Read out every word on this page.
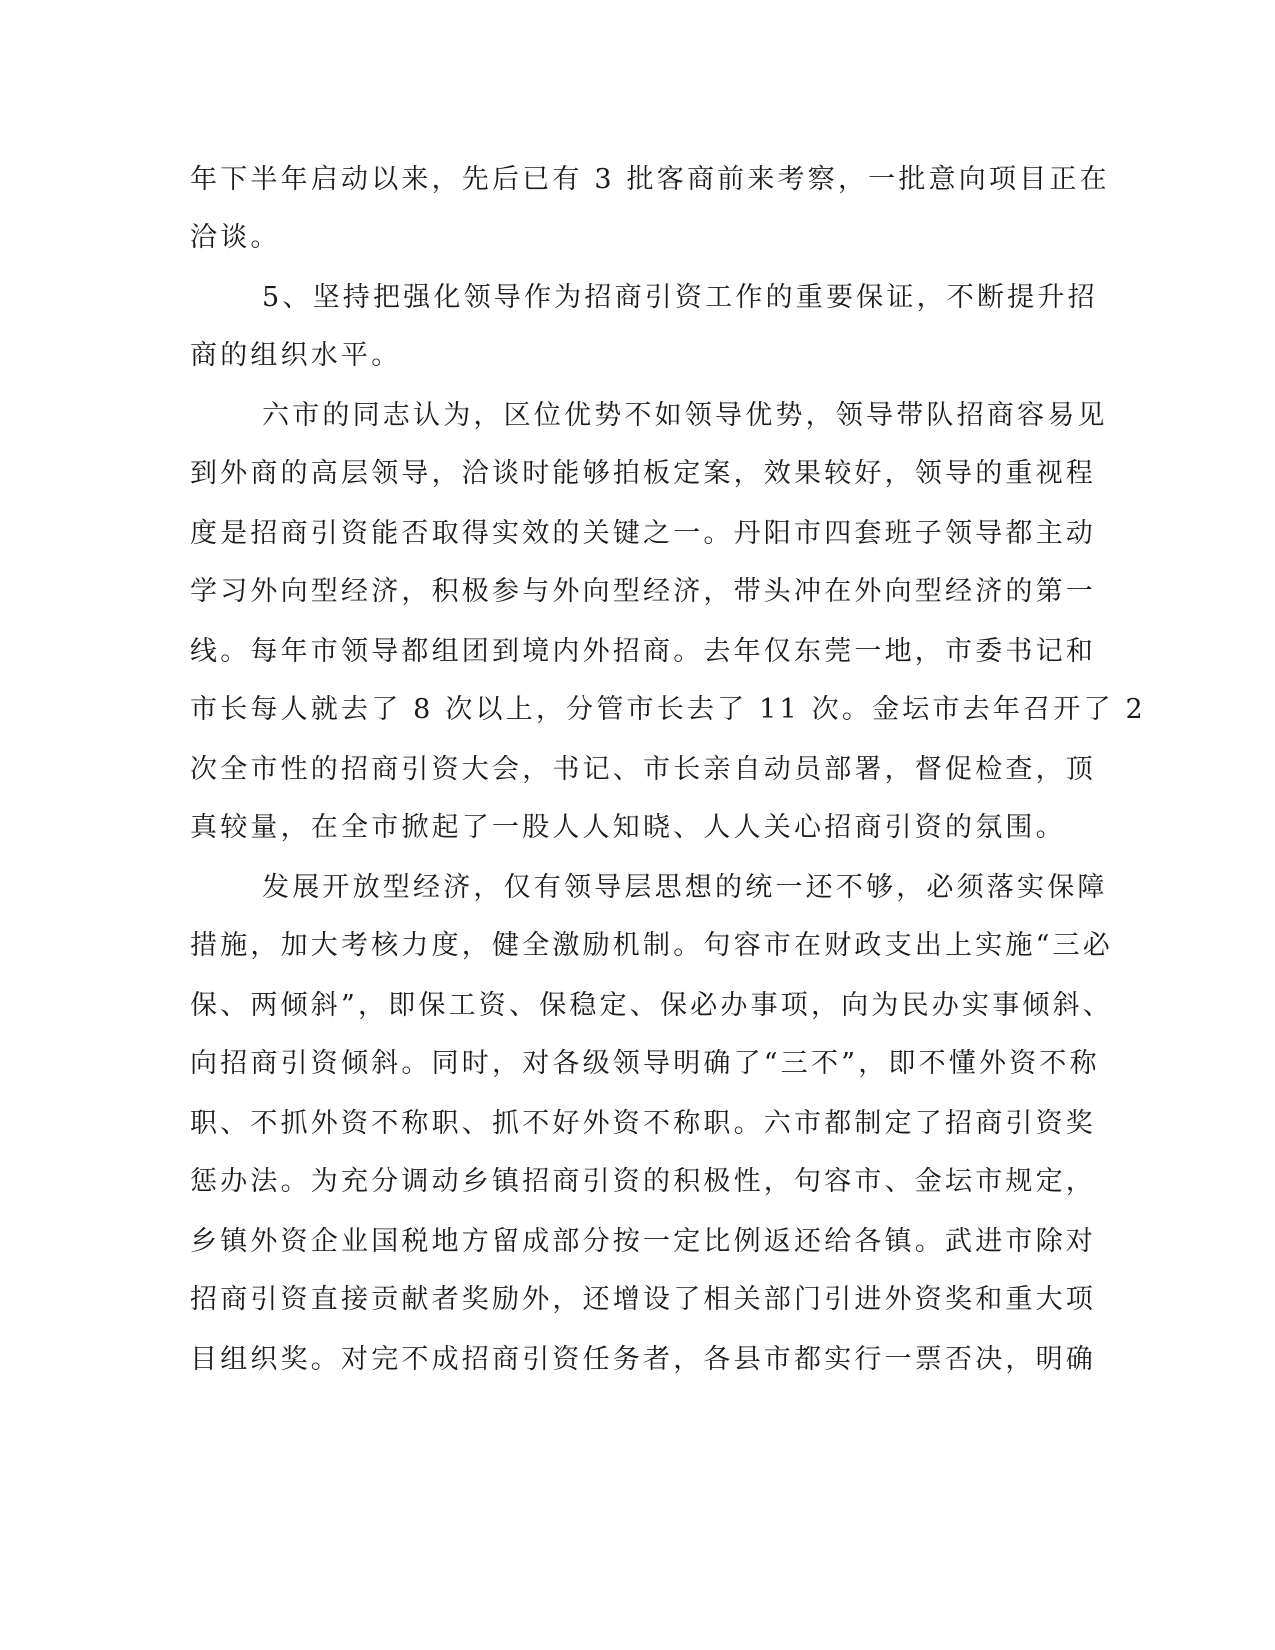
年下半年启动以来，先后已有 3 批客商前来考察，一批意向项目正在

洽谈。

5、坚持把强化领导作为招商引资工作的重要保证，不断提升招

商的组织水平。

六市的同志认为，区位优势不如领导优势，领导带队招商容易见

到外商的高层领导，洽谈时能够拍板定案，效果较好，领导的重视程

度是招商引资能否取得实效的关键之一。丹阳市四套班子领导都主动

学习外向型经济，积极参与外向型经济，带头冲在外向型经济的第一

线。每年市领导都组团到境内外招商。去年仅东莞一地，市委书记和

市长每人就去了 8 次以上，分管市长去了 11 次。金坛市去年召开了 2

次全市性的招商引资大会，书记、市长亲自动员部署，督促检查，顶

真较量，在全市掀起了一股人人知晓、人人关心招商引资的氛围。

发展开放型经济，仅有领导层思想的统一还不够，必须落实保障

措施，加大考核力度，健全激励机制。句容市在财政支出上实施“三必

保、两倾斜”，即保工资、保稳定、保必办事项，向为民办实事倾斜、

向招商引资倾斜。同时，对各级领导明确了“三不”，即不懂外资不称

职、不抓外资不称职、抓不好外资不称职。六市都制定了招商引资奖

惩办法。为充分调动乡镇招商引资的积极性，句容市、金坛市规定，

乡镇外资企业国税地方留成部分按一定比例返还给各镇。武进市除对

招商引资直接贡献者奖励外，还增设了相关部门引进外资奖和重大项

目组织奖。对完不成招商引资任务者，各县市都实行一票否决，明确
